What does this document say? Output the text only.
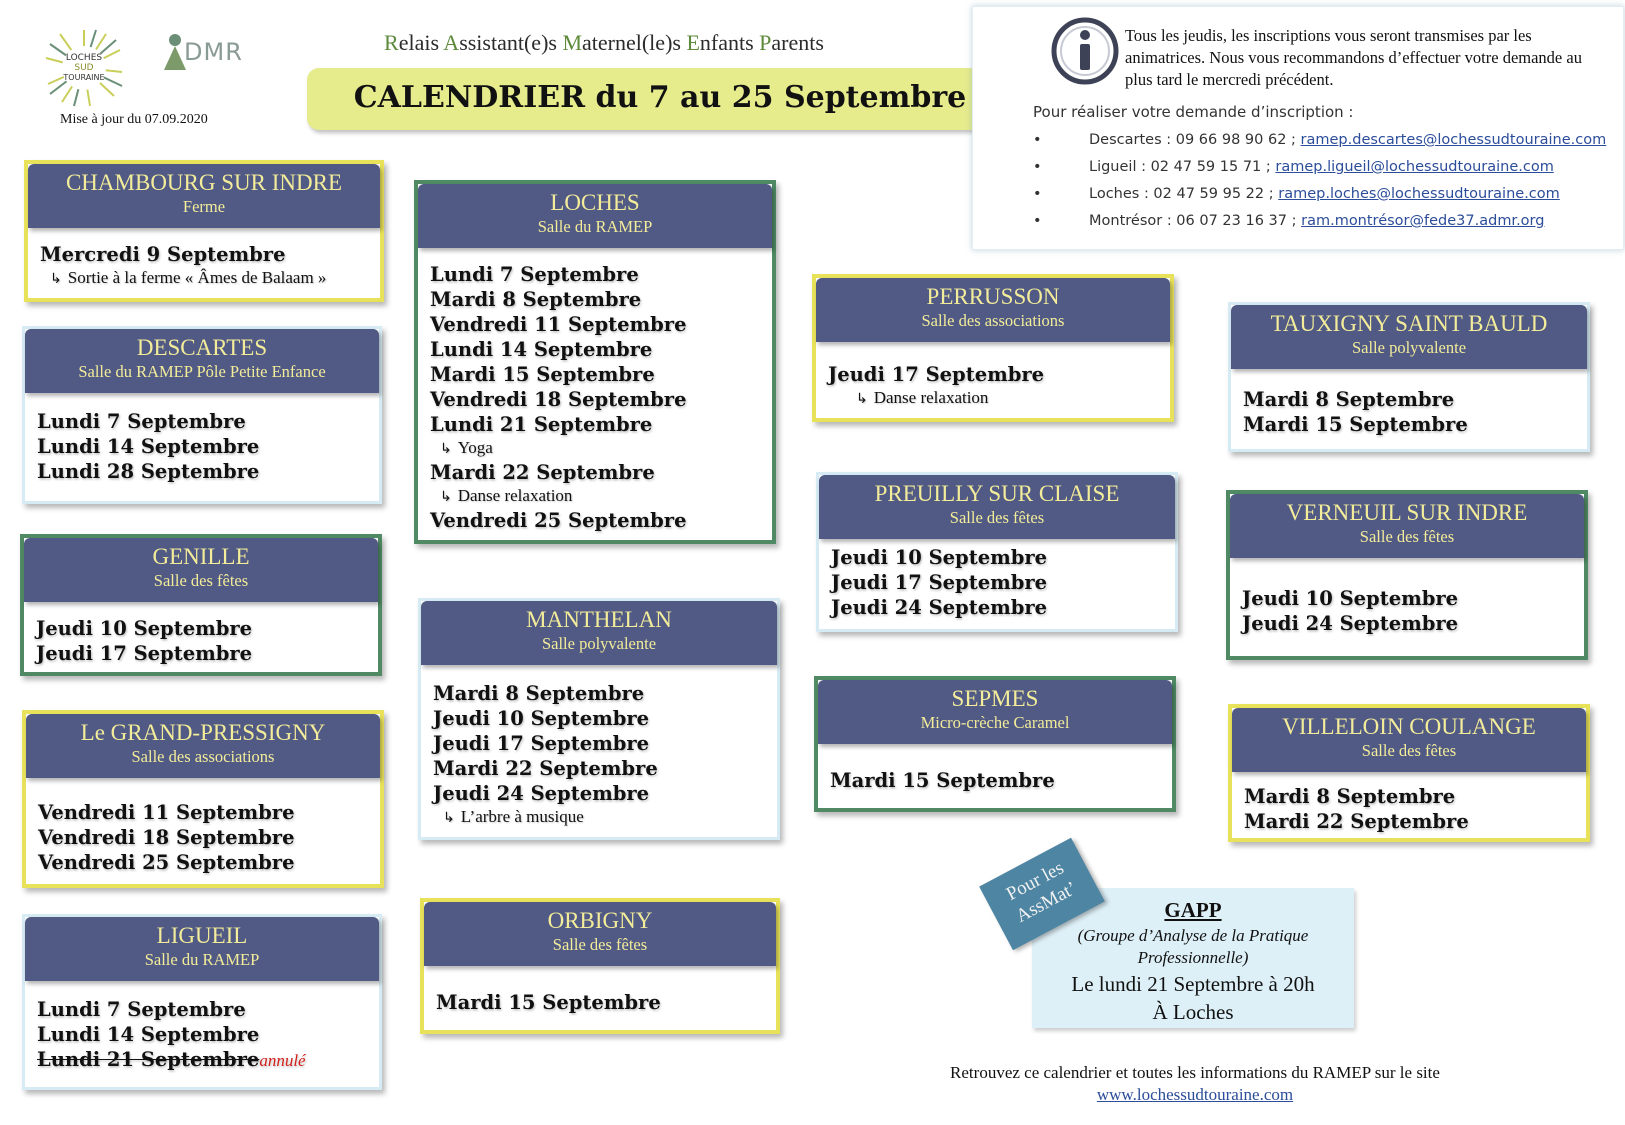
LOCHES
SUD
TOURAINE
DMR
Mise à jour du 07.09.2020
Relais Assistant(e)s Maternel(le)s Enfants Parents
CALENDRIER du 7 au 25 Septembre
Tous les jeudis, les inscriptions vous seront transmises par les animatrices. Nous vous recommandons d’effectuer votre demande au plus tard le mercredi précédent.
Pour réaliser votre demande d’inscription :
•	Descartes : 09 66 98 90 62 ; ramep.descartes@lochessudtouraine.com
•	Ligueil : 02 47 59 15 71 ; ramep.ligueil@lochessudtouraine.com
•	Loches : 02 47 59 95 22 ; ramep.loches@lochessudtouraine.com
•	Montrésor : 06 07 23 16 37 ; ram.montrésor@fede37.admr.org
CHAMBOURG SUR INDRE
Ferme
Mercredi 9 Septembre
↳ Sortie à la ferme « Âmes de Balaam »
DESCARTES
Salle du RAMEP Pôle Petite Enfance
Lundi 7 Septembre
Lundi 14 Septembre
Lundi 28 Septembre
GENILLE
Salle des fêtes
Jeudi 10 Septembre
Jeudi 17 Septembre
Le GRAND-PRESSIGNY
Salle des associations
Vendredi 11 Septembre
Vendredi 18 Septembre
Vendredi 25 Septembre
LIGUEIL
Salle du RAMEP
Lundi 7 Septembre
Lundi 14 Septembre
Lundi 21 Septembreannulé
LOCHES
Salle du RAMEP
Lundi 7 Septembre
Mardi 8 Septembre
Vendredi 11 Septembre
Lundi 14 Septembre
Mardi 15 Septembre
Vendredi 18 Septembre
Lundi 21 Septembre
↳ Yoga
Mardi 22 Septembre
↳ Danse relaxation
Vendredi 25 Septembre
MANTHELAN
Salle polyvalente
Mardi 8 Septembre
Jeudi 10 Septembre
Jeudi 17 Septembre
Mardi 22 Septembre
Jeudi 24 Septembre
↳ L’arbre à musique
ORBIGNY
Salle des fêtes
Mardi 15 Septembre
PERRUSSON
Salle des associations
Jeudi 17 Septembre
↳ Danse relaxation
PREUILLY SUR CLAISE
Salle des fêtes
Jeudi 10 Septembre
Jeudi 17 Septembre
Jeudi 24 Septembre
SEPMES
Micro-crèche Caramel
Mardi 15 Septembre
TAUXIGNY SAINT BAULD
Salle polyvalente
Mardi 8 Septembre
Mardi 15 Septembre
VERNEUIL SUR INDRE
Salle des fêtes
Jeudi 10 Septembre
Jeudi 24 Septembre
VILLELOIN COULANGE
Salle des fêtes
Mardi 8 Septembre
Mardi 22 Septembre
GAPP
(Groupe d’Analyse de la Pratique Professionnelle)
Le lundi 21 Septembre à 20h
À Loches
Pour les AssMat’
Retrouvez ce calendrier et toutes les informations du RAMEP sur le site
www.lochessudtouraine.com
